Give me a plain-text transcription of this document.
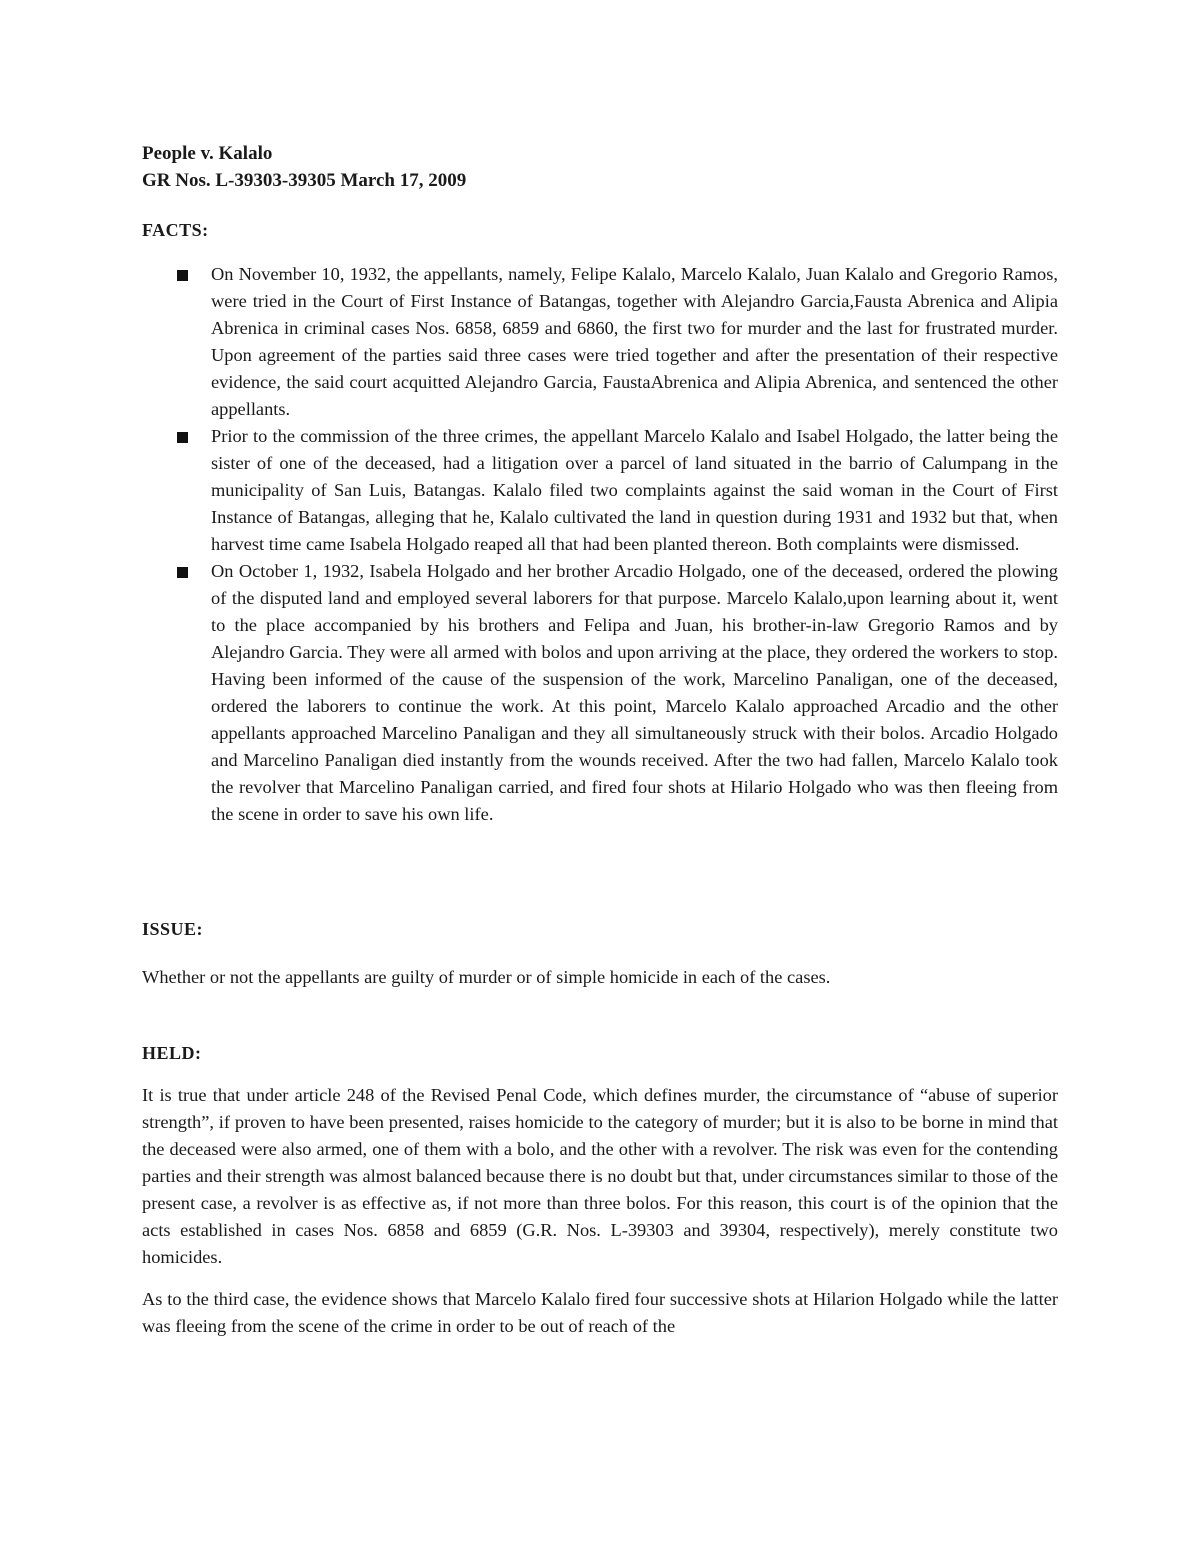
People v. Kalalo

GR Nos. L-39303-39305 March 17, 2009

FACTS:

On November 10, 1932, the appellants, namely, Felipe Kalalo, Marcelo Kalalo, Juan Kalalo and Gregorio Ramos, were tried in the Court of First Instance of Batangas, together with Alejandro Garcia,Fausta Abrenica and Alipia Abrenica in criminal cases Nos. 6858, 6859 and 6860, the first two for murder and the last for frustrated murder. Upon agreement of the parties said three cases were tried together and after the presentation of their respective evidence, the said court acquitted Alejandro Garcia, FaustaAbrenica and Alipia Abrenica, and sentenced the other appellants.
Prior to the commission of the three crimes, the appellant Marcelo Kalalo and Isabel Holgado, the latter being the sister of one of the deceased, had a litigation over a parcel of land situated in the barrio of Calumpang in the municipality of San Luis, Batangas. Kalalo filed two complaints against the said woman in the Court of First Instance of Batangas, alleging that he, Kalalo cultivated the land in question during 1931 and 1932 but that, when harvest time came Isabela Holgado reaped all that had been planted thereon. Both complaints were dismissed.
On October 1, 1932, Isabela Holgado and her brother Arcadio Holgado, one of the deceased, ordered the plowing of the disputed land and employed several laborers for that purpose. Marcelo Kalalo,upon learning about it, went to the place accompanied by his brothers and Felipa and Juan, his brother-in-law Gregorio Ramos and by Alejandro Garcia. They were all armed with bolos and upon arriving at the place, they ordered the workers to stop. Having been informed of the cause of the suspension of the work, Marcelino Panaligan, one of the deceased, ordered the laborers to continue the work. At this point, Marcelo Kalalo approached Arcadio and the other appellants approached Marcelino Panaligan and they all simultaneously struck with their bolos. Arcadio Holgado and Marcelino Panaligan died instantly from the wounds received. After the two had fallen, Marcelo Kalalo took the revolver that Marcelino Panaligan carried, and fired four shots at Hilario Holgado who was then fleeing from the scene in order to save his own life.

ISSUE:

Whether or not the appellants are guilty of murder or of simple homicide in each of the cases.

HELD:

It is true that under article 248 of the Revised Penal Code, which defines murder, the circumstance of “abuse of superior strength”, if proven to have been presented, raises homicide to the category of murder; but it is also to be borne in mind that the deceased were also armed, one of them with a bolo, and the other with a revolver. The risk was even for the contending parties and their strength was almost balanced because there is no doubt but that, under circumstances similar to those of the present case, a revolver is as effective as, if not more than three bolos. For this reason, this court is of the opinion that the acts established in cases Nos. 6858 and 6859 (G.R. Nos. L-39303 and 39304, respectively), merely constitute two homicides.

As to the third case, the evidence shows that Marcelo Kalalo fired four successive shots at Hilarion Holgado while the latter was fleeing from the scene of the crime in order to be out of reach of the
